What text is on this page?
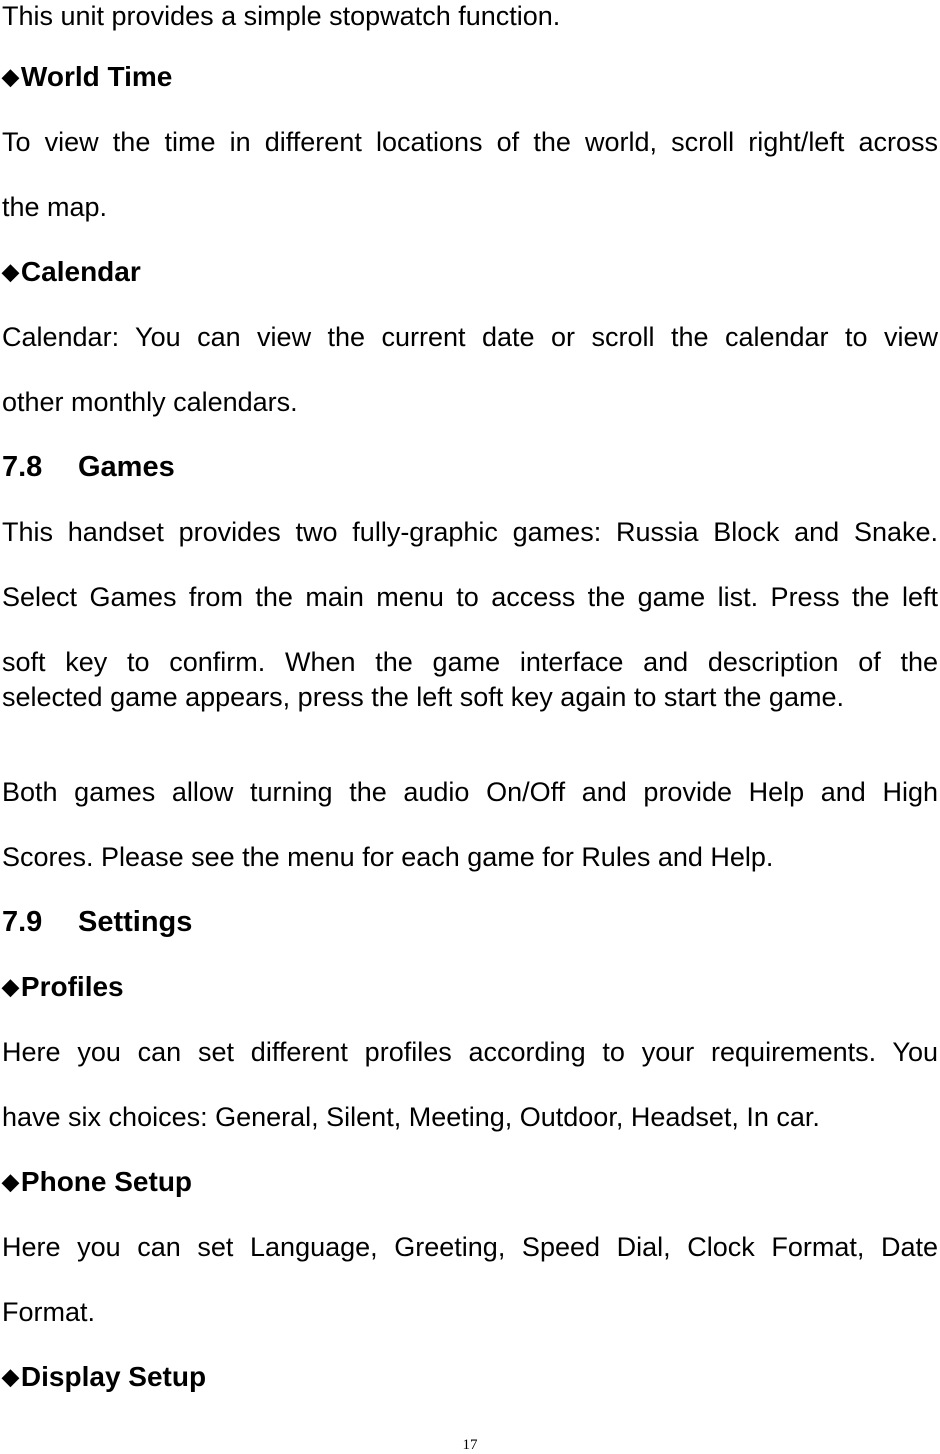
This unit provides a simple stopwatch function.
◆World Time
To view the time in different locations of the world, scroll right/left across
the map.
◆Calendar
Calendar: You can view the current date or scroll the calendar to view
other monthly calendars.
7.8 Games
This handset provides two fully-graphic games: Russia Block and Snake.
Select Games from the main menu to access the game list. Press the left
soft key to confirm. When the game interface and description of the
selected game appears, press the left soft key again to start the game.
Both games allow turning the audio On/Off and provide Help and High
Scores. Please see the menu for each game for Rules and Help.
7.9 Settings
◆Profiles
Here you can set different profiles according to your requirements. You
have six choices: General, Silent, Meeting, Outdoor, Headset, In car.
◆Phone Setup
Here you can set Language, Greeting, Speed Dial, Clock Format, Date
Format.
◆Display Setup
17
